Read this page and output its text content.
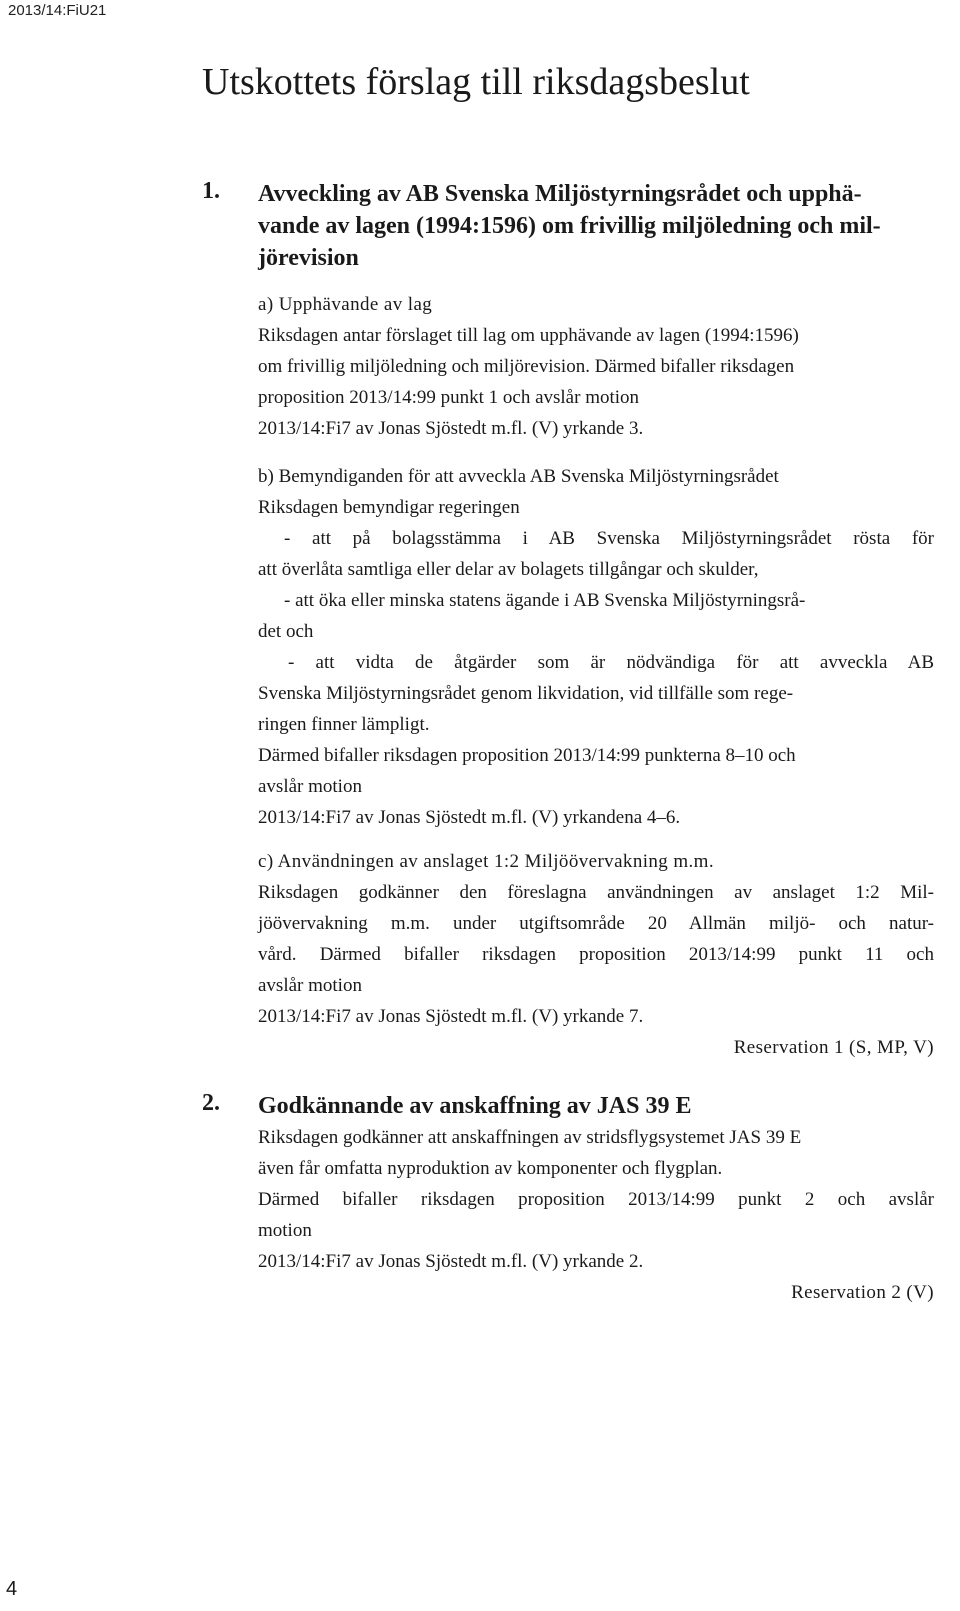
2013/14:FiU21
Utskottets förslag till riksdagsbeslut
1. Avveckling av AB Svenska Miljöstyrningsrådet och upphä-
vande av lagen (1994:1596) om frivillig miljöledning och mil-
jörevision
a) Upphävande av lag
Riksdagen antar förslaget till lag om upphävande av lagen (1994:1596)
om frivillig miljöledning och miljörevision. Därmed bifaller riksdagen
proposition 2013/14:99 punkt 1 och avslår motion
2013/14:Fi7 av Jonas Sjöstedt m.fl. (V) yrkande 3.
b) Bemyndiganden för att avveckla AB Svenska Miljöstyrningsrådet
Riksdagen bemyndigar regeringen
- att på bolagsstämma i AB Svenska Miljöstyrningsrådet rösta för
att överlåta samtliga eller delar av bolagets tillgångar och skulder,
- att öka eller minska statens ägande i AB Svenska Miljöstyrningsrå-
det och
- att vidta de åtgärder som är nödvändiga för att avveckla AB
Svenska Miljöstyrningsrådet genom likvidation, vid tillfälle som rege-
ringen finner lämpligt.
Därmed bifaller riksdagen proposition 2013/14:99 punkterna 8–10 och
avslår motion
2013/14:Fi7 av Jonas Sjöstedt m.fl. (V) yrkandena 4–6.
c) Användningen av anslaget 1:2 Miljöövervakning m.m.
Riksdagen godkänner den föreslagna användningen av anslaget 1:2 Mil-
jöövervakning m.m. under utgiftsområde 20 Allmän miljö- och natur-
vård. Därmed bifaller riksdagen proposition 2013/14:99 punkt 11 och
avslår motion
2013/14:Fi7 av Jonas Sjöstedt m.fl. (V) yrkande 7.
Reservation 1 (S, MP, V)
2. Godkännande av anskaffning av JAS 39 E
Riksdagen godkänner att anskaffningen av stridsflygsystemet JAS 39 E
även får omfatta nyproduktion av komponenter och flygplan.
Därmed bifaller riksdagen proposition 2013/14:99 punkt 2 och avslår
motion
2013/14:Fi7 av Jonas Sjöstedt m.fl. (V) yrkande 2.
Reservation 2 (V)
4
